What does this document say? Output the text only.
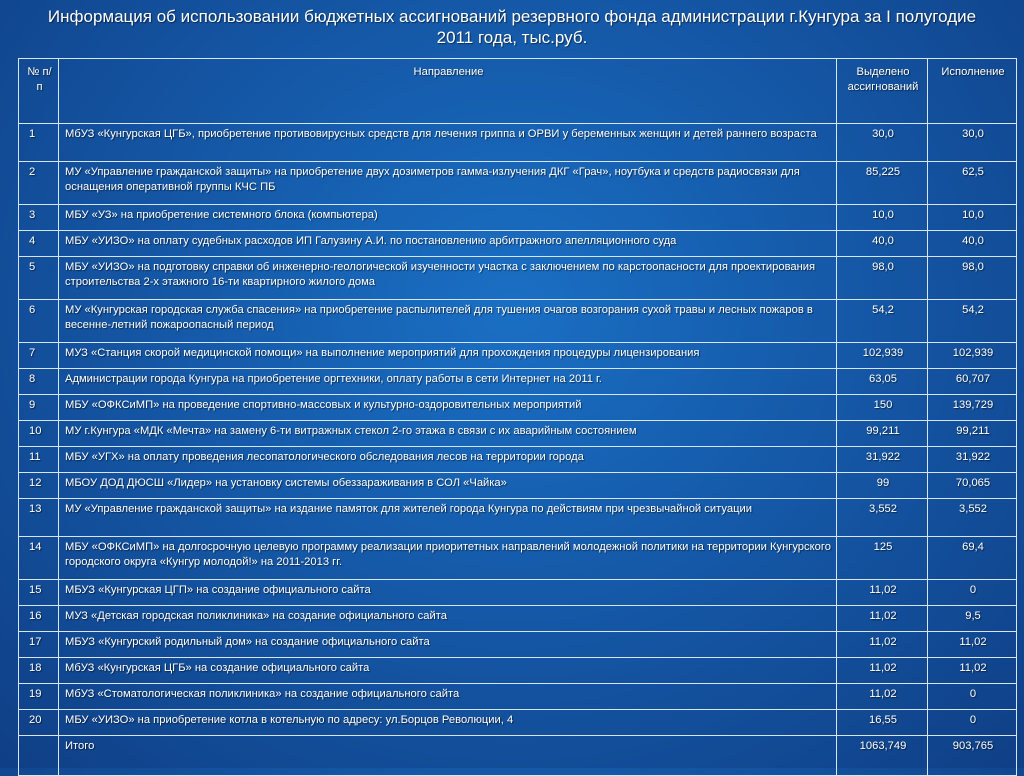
Информация об использовании бюджетных ассигнований резервного фонда администрации г.Кунгура за I полугодие 2011 года, тыс.руб.
№ п/п	Направление	Выделено ассигнований	Исполнение
1	МбУЗ «Кунгурская ЦГБ», приобретение противовирусных средств для лечения гриппа и ОРВИ у беременных женщин и детей раннего возраста	30,0	30,0
2	МУ «Управление гражданской защиты» на приобретение двух дозиметров гамма-излучения ДКГ «Грач», ноутбука и средств радиосвязи для оснащения оперативной группы КЧС ПБ	85,225	62,5
3	МБУ «УЗ» на приобретение системного блока (компьютера)	10,0	10,0
4	МБУ «УИЗО» на оплату судебных расходов ИП Галузину А.И. по постановлению арбитражного апелляционного суда	40,0	40,0
5	МБУ «УИЗО» на подготовку справки об инженерно-геологической изученности участка с заключением по карстоопасности для проектирования строительства 2-х этажного 16-ти квартирного жилого дома	98,0	98,0
6	МУ «Кунгурская городская служба спасения» на приобретение распылителей для тушения очагов возгорания сухой травы и лесных пожаров в весенне-летний пожароопасный период	54,2	54,2
7	МУЗ «Станция скорой медицинской помощи» на выполнение мероприятий для прохождения процедуры лицензирования	102,939	102,939
8	Администрации города Кунгура на приобретение оргтехники, оплату работы в сети Интернет на 2011 г.	63,05	60,707
9	МБУ «ОФКСиМП» на проведение спортивно-массовых и культурно-оздоровительных мероприятий	150	139,729
10	МУ г.Кунгура «МДК «Мечта» на замену 6-ти витражных стекол 2-го этажа в связи с их аварийным состоянием	99,211	99,211
11	МБУ «УГХ» на оплату проведения лесопатологического обследования лесов на территории города	31,922	31,922
12	МБОУ ДОД ДЮСШ «Лидер» на установку системы обеззараживания в СОЛ «Чайка»	99	70,065
13	МУ «Управление гражданской защиты» на издание памяток для жителей города Кунгура по действиям при чрезвычайной ситуации	3,552	3,552
14	МБУ «ОФКСиМП» на долгосрочную целевую программу реализации приоритетных направлений молодежной политики на территории Кунгурского городского округа «Кунгур молодой!» на 2011-2013 гг.	125	69,4
15	МБУЗ «Кунгурская ЦГП» на создание официального сайта	11,02	0
16	МУЗ «Детская городская поликлиника» на создание официального сайта	11,02	9,5
17	МБУЗ «Кунгурский родильный дом» на создание официального сайта	11,02	11,02
18	МбУЗ «Кунгурская ЦГБ» на создание официального сайта	11,02	11,02
19	МбУЗ «Стоматологическая поликлиника» на создание официального сайта	11,02	0
20	МБУ «УИЗО» на приобретение котла в котельную по адресу: ул.Борцов Революции, 4	16,55	0
	Итого	1063,749	903,765
